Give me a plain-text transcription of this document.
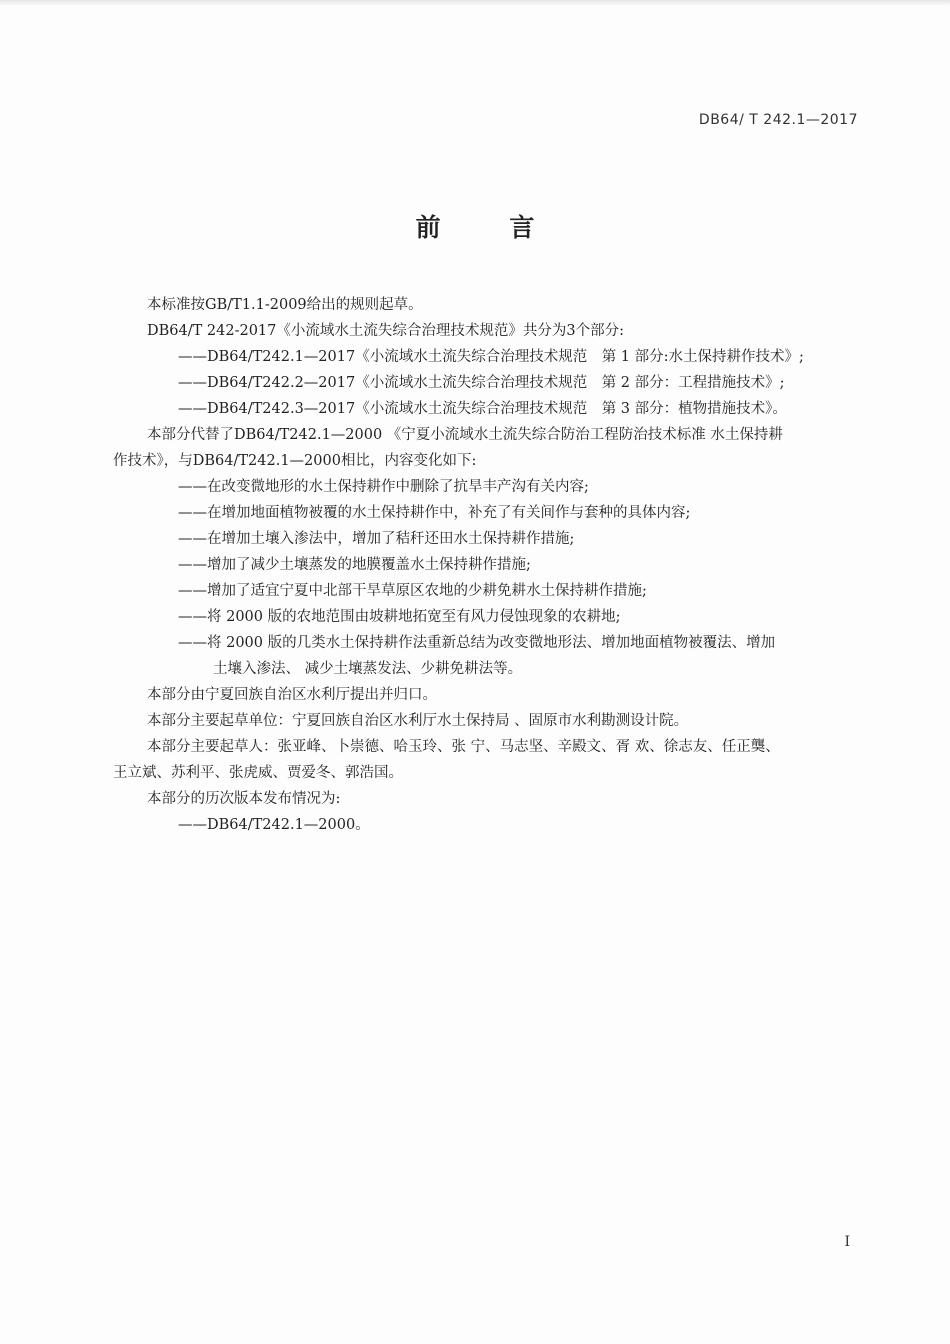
DB64/ T 242.1—2017
前 言
本标准按GB/T1.1-2009给出的规则起草。
DB64/T 242-2017《小流域水土流失综合治理技术规范》共分为3个部分:
——DB64/T242.1—2017《小流域水土流失综合治理技术规范　第 1 部分:水土保持耕作技术》;
——DB64/T242.2—2017《小流域水土流失综合治理技术规范　第 2 部分：工程措施技术》;
——DB64/T242.3—2017《小流域水土流失综合治理技术规范　第 3 部分：植物措施技术》。
本部分代替了DB64/T242.1—2000 《宁夏小流域水土流失综合防治工程防治技术标准 水土保持耕
作技术》，与DB64/T242.1—2000相比，内容变化如下:
——在改变微地形的水土保持耕作中删除了抗旱丰产沟有关内容;
——在增加地面植物被覆的水土保持耕作中，补充了有关间作与套种的具体内容;
——在增加土壤入渗法中，增加了秸秆还田水土保持耕作措施;
——增加了减少土壤蒸发的地膜覆盖水土保持耕作措施;
——增加了适宜宁夏中北部干旱草原区农地的少耕免耕水土保持耕作措施;
——将 2000 版的农地范围由坡耕地拓宽至有风力侵蚀现象的农耕地;
——将 2000 版的几类水土保持耕作法重新总结为改变微地形法、增加地面植物被覆法、增加
土壤入渗法、 减少土壤蒸发法、少耕免耕法等。
本部分由宁夏回族自治区水利厅提出并归口。
本部分主要起草单位：宁夏回族自治区水利厅水土保持局 、固原市水利勘测设计院。
本部分主要起草人：张亚峰、卜崇德、哈玉玲、张 宁、马志坚、辛殿文、胥 欢、徐志友、任正龑、
王立斌、苏利平、张虎威、贾爱冬、郭浩国。
本部分的历次版本发布情况为:
——DB64/T242.1—2000。
I
